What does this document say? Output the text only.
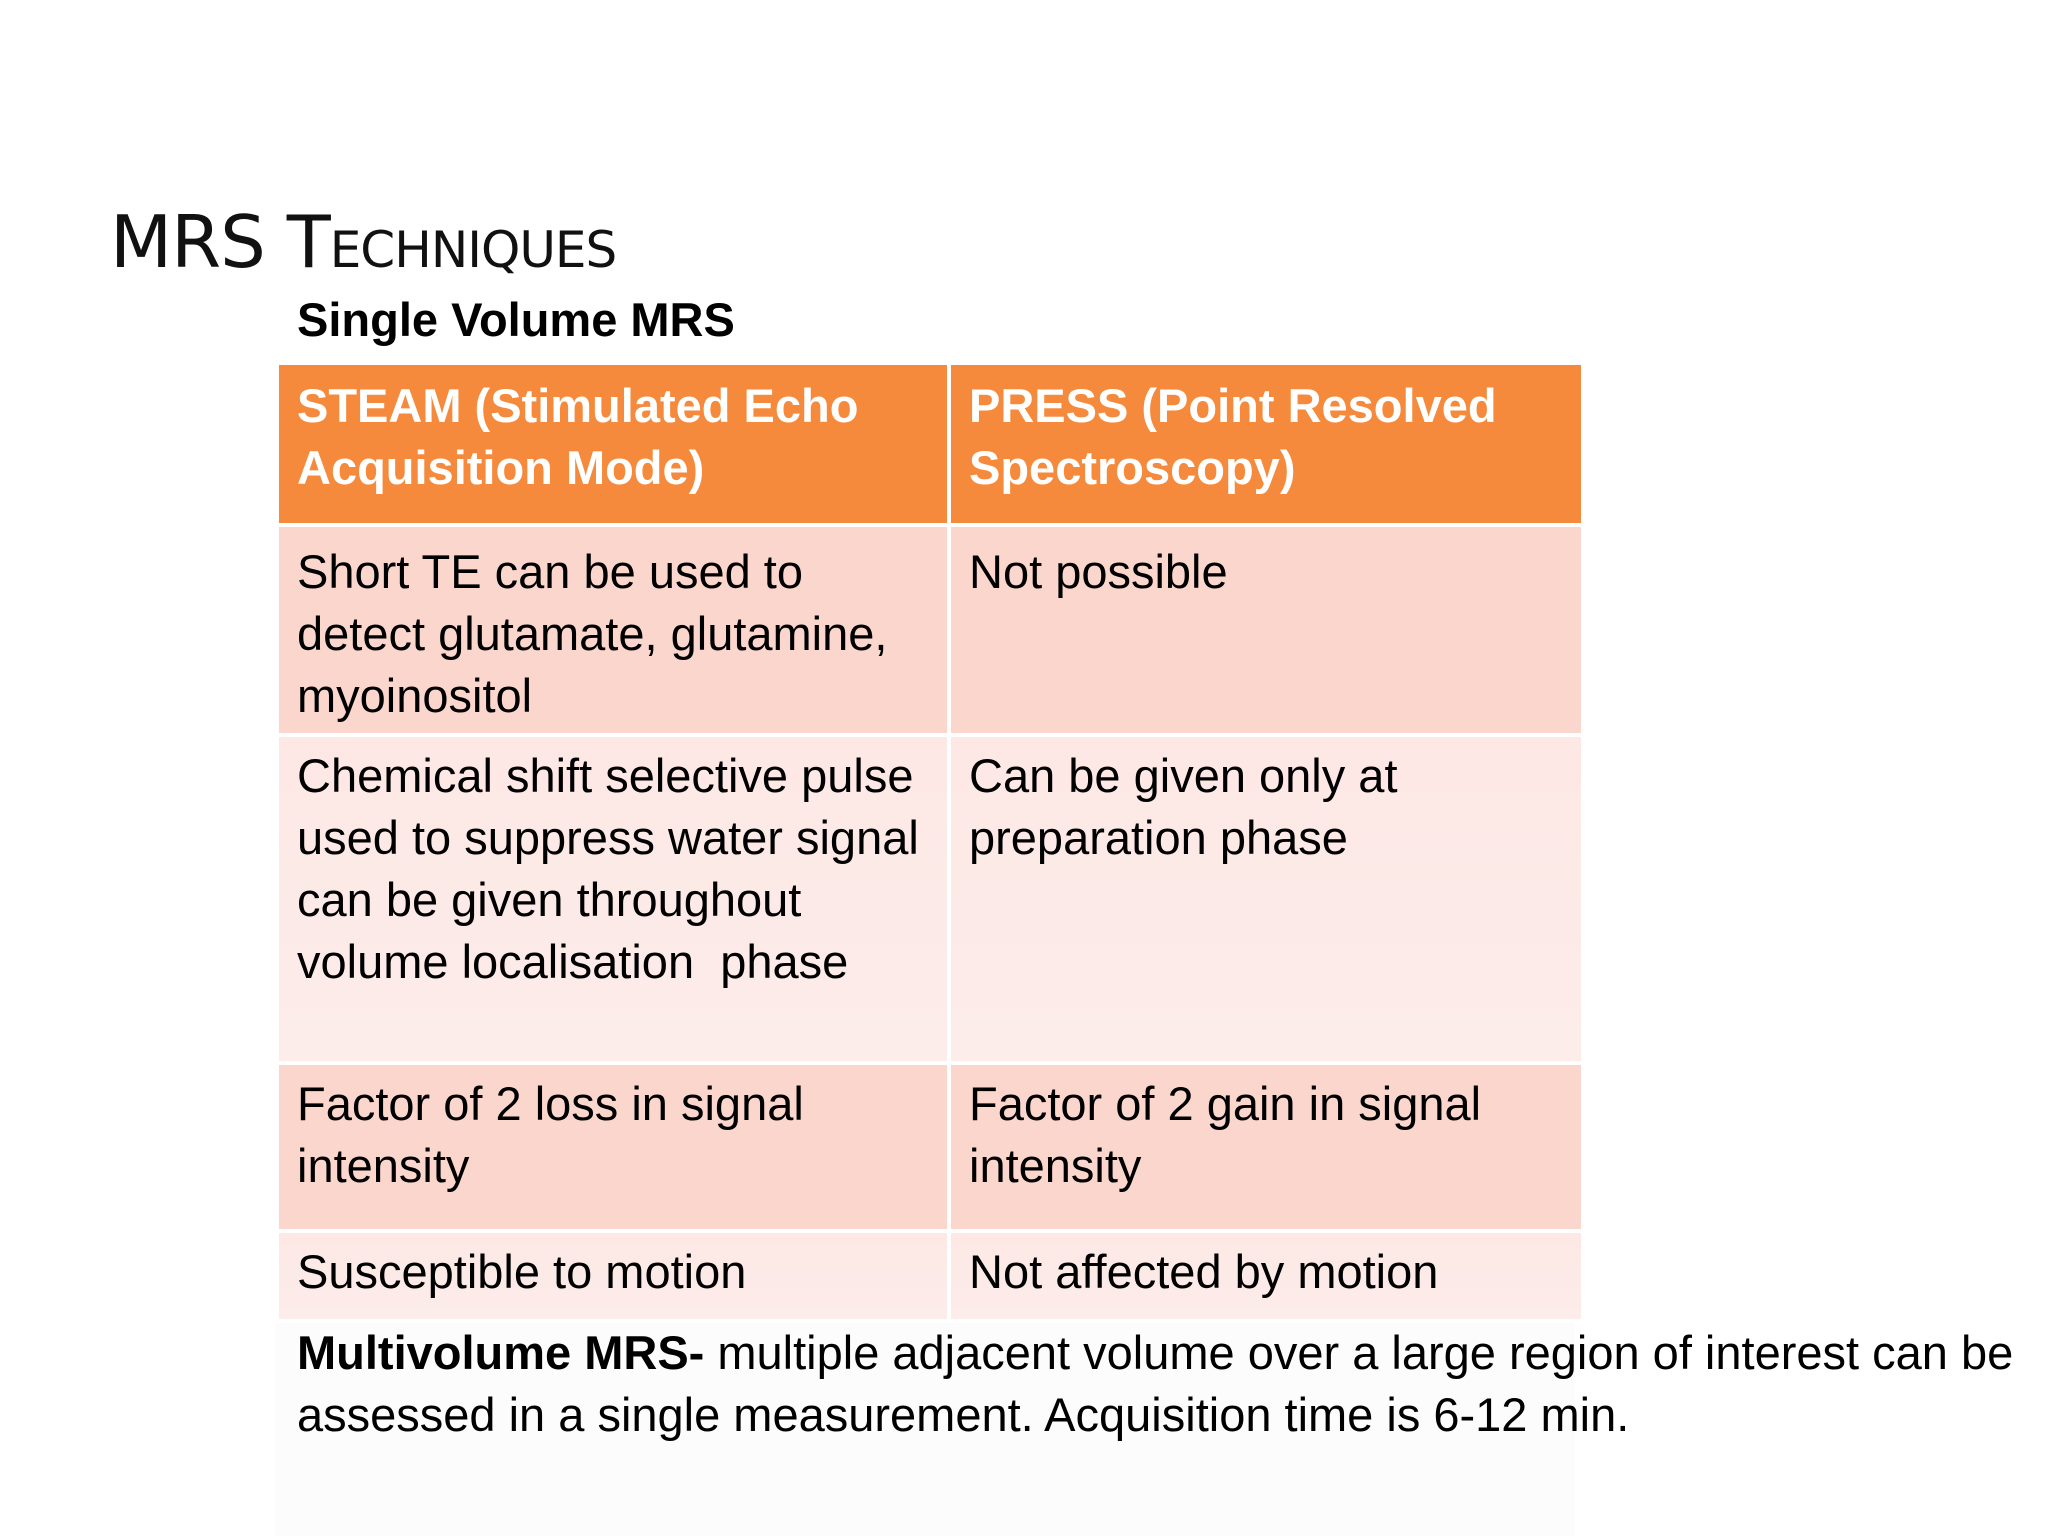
MRS Techniques
Single Volume MRS
STEAM (Stimulated Echo Acquisition Mode)	PRESS (Point Resolved Spectroscopy)
Short TE can be used to detect glutamate, glutamine, myoinositol	Not possible
Chemical shift selective pulse used to suppress water signal can be given throughout  volume localisation  phase	Can be given only at preparation phase
Factor of 2 loss in signal intensity	Factor of 2 gain in signal intensity
Susceptible to motion	Not affected by motion

Multivolume MRS- multiple adjacent volume over a large region of interest can be assessed in a single measurement. Acquisition time is 6-12 min.
